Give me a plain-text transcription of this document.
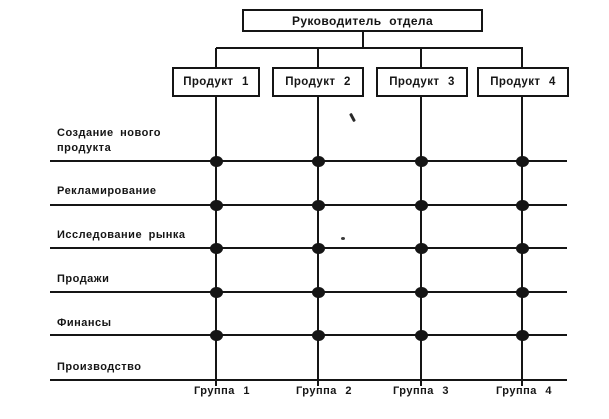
Руководитель отдела
Продукт 1	Продукт 2	Продукт 3	Продукт 4
Создание нового
продукта
Рекламирование
Исследование рынка
Продажи
Финансы
Производство
Группа 1	Группа 2	Группа 3	Группа 4
